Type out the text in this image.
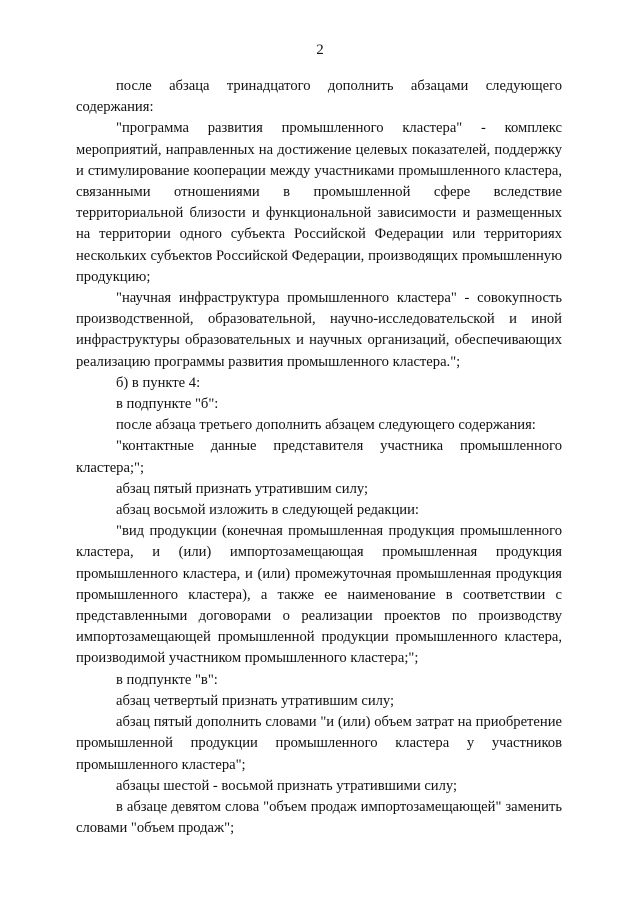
2

после абзаца тринадцатого дополнить абзацами следующего содержания:

"программа развития промышленного кластера" - комплекс мероприятий, направленных на достижение целевых показателей, поддержку и стимулирование кооперации между участниками промышленного кластера, связанными отношениями в промышленной сфере вследствие территориальной близости и функциональной зависимости и размещенных на территории одного субъекта Российской Федерации или территориях нескольких субъектов Российской Федерации, производящих промышленную продукцию;

"научная инфраструктура промышленного кластера" - совокупность производственной, образовательной, научно-исследовательской и иной инфраструктуры образовательных и научных организаций, обеспечивающих реализацию программы развития промышленного кластера.";

б) в пункте 4:

в подпункте "б":

после абзаца третьего дополнить абзацем следующего содержания:

"контактные данные представителя участника промышленного кластера;";

абзац пятый признать утратившим силу;

абзац восьмой изложить в следующей редакции:

"вид продукции (конечная промышленная продукция промышленного кластера, и (или) импортозамещающая промышленная продукция промышленного кластера, и (или) промежуточная промышленная продукция промышленного кластера), а также ее наименование в соответствии с представленными договорами о реализации проектов по производству импортозамещающей промышленной продукции промышленного кластера, производимой участником промышленного кластера;";

в подпункте "в":

абзац четвертый признать утратившим силу;

абзац пятый дополнить словами "и (или) объем затрат на приобретение промышленной продукции промышленного кластера у участников промышленного кластера";

абзацы шестой - восьмой признать утратившими силу;

в абзаце девятом слова "объем продаж импортозамещающей" заменить словами "объем продаж";
